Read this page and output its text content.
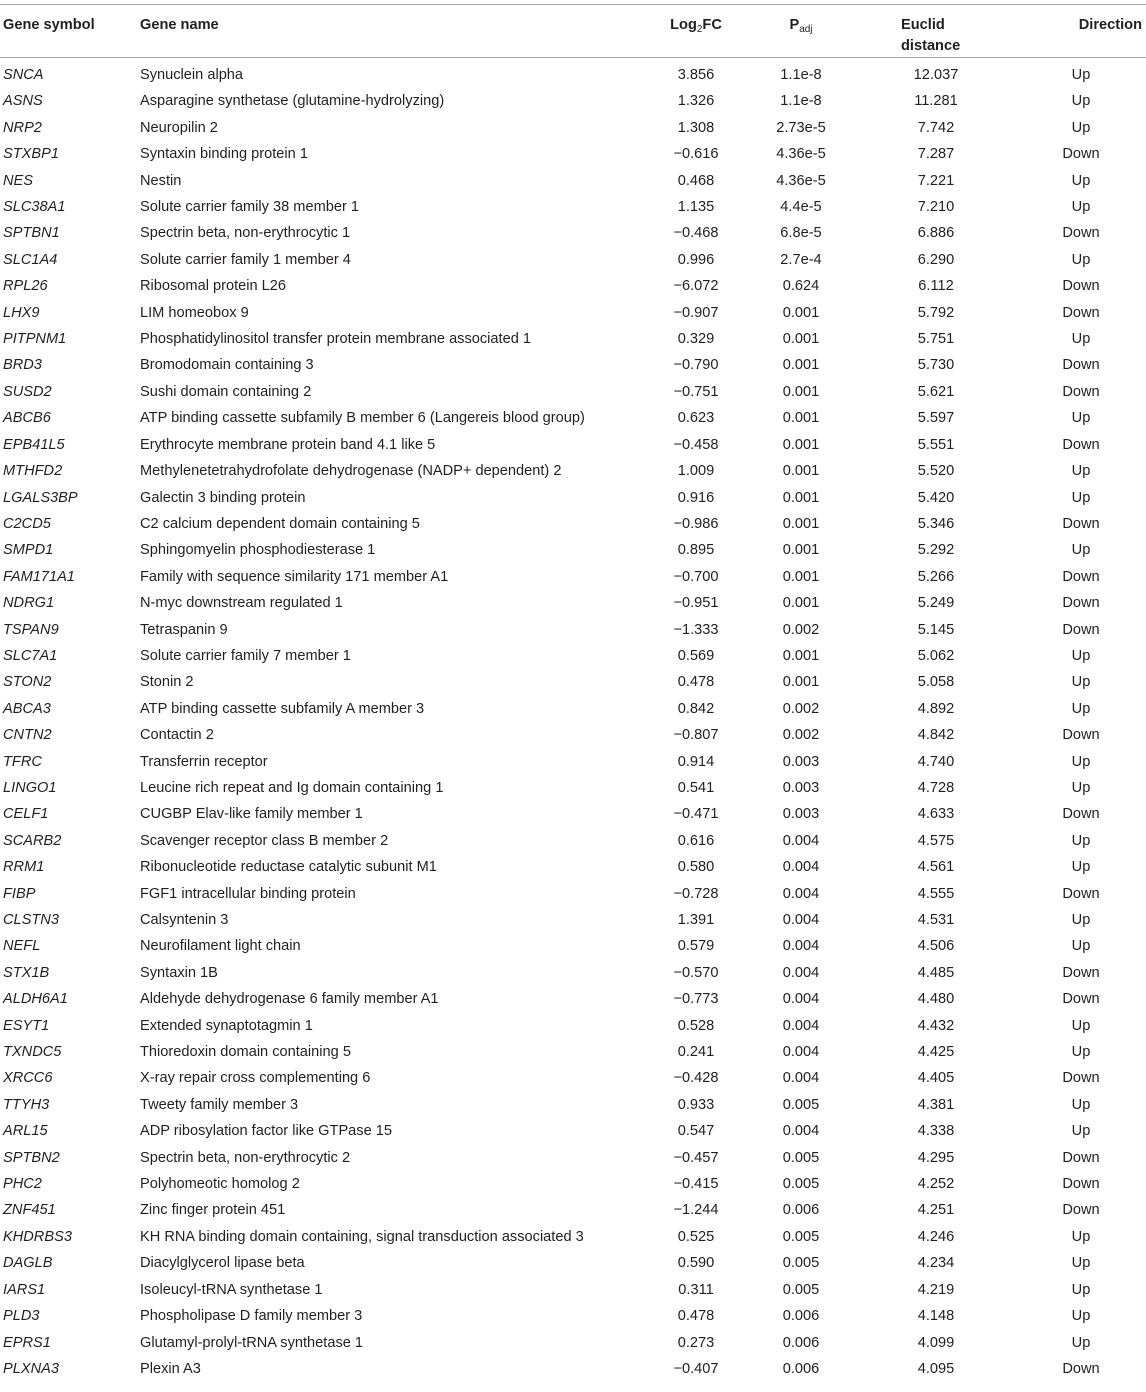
Gene symbol	Gene name	Log$_2$FC	$P_{adj}$	Euclid distance	Direction
SNCA	Synuclein alpha	3.856	1.1e-8	12.037	Up
ASNS	Asparagine synthetase (glutamine-hydrolyzing)	1.326	1.1e-8	11.281	Up
NRP2	Neuropilin 2	1.308	2.73e-5	7.742	Up
STXBP1	Syntaxin binding protein 1	−0.616	4.36e-5	7.287	Down
NES	Nestin	0.468	4.36e-5	7.221	Up
SLC38A1	Solute carrier family 38 member 1	1.135	4.4e-5	7.210	Up
SPTBN1	Spectrin beta, non-erythrocytic 1	−0.468	6.8e-5	6.886	Down
SLC1A4	Solute carrier family 1 member 4	0.996	2.7e-4	6.290	Up
RPL26	Ribosomal protein L26	−6.072	0.624	6.112	Down
LHX9	LIM homeobox 9	−0.907	0.001	5.792	Down
PITPNM1	Phosphatidylinositol transfer protein membrane associated 1	0.329	0.001	5.751	Up
BRD3	Bromodomain containing 3	−0.790	0.001	5.730	Down
SUSD2	Sushi domain containing 2	−0.751	0.001	5.621	Down
ABCB6	ATP binding cassette subfamily B member 6 (Langereis blood group)	0.623	0.001	5.597	Up
EPB41L5	Erythrocyte membrane protein band 4.1 like 5	−0.458	0.001	5.551	Down
MTHFD2	Methylenetetrahydrofolate dehydrogenase (NADP+ dependent) 2	1.009	0.001	5.520	Up
LGALS3BP	Galectin 3 binding protein	0.916	0.001	5.420	Up
C2CD5	C2 calcium dependent domain containing 5	−0.986	0.001	5.346	Down
SMPD1	Sphingomyelin phosphodiesterase 1	0.895	0.001	5.292	Up
FAM171A1	Family with sequence similarity 171 member A1	−0.700	0.001	5.266	Down
NDRG1	N-myc downstream regulated 1	−0.951	0.001	5.249	Down
TSPAN9	Tetraspanin 9	−1.333	0.002	5.145	Down
SLC7A1	Solute carrier family 7 member 1	0.569	0.001	5.062	Up
STON2	Stonin 2	0.478	0.001	5.058	Up
ABCA3	ATP binding cassette subfamily A member 3	0.842	0.002	4.892	Up
CNTN2	Contactin 2	−0.807	0.002	4.842	Down
TFRC	Transferrin receptor	0.914	0.003	4.740	Up
LINGO1	Leucine rich repeat and Ig domain containing 1	0.541	0.003	4.728	Up
CELF1	CUGBP Elav-like family member 1	−0.471	0.003	4.633	Down
SCARB2	Scavenger receptor class B member 2	0.616	0.004	4.575	Up
RRM1	Ribonucleotide reductase catalytic subunit M1	0.580	0.004	4.561	Up
FIBP	FGF1 intracellular binding protein	−0.728	0.004	4.555	Down
CLSTN3	Calsyntenin 3	1.391	0.004	4.531	Up
NEFL	Neurofilament light chain	0.579	0.004	4.506	Up
STX1B	Syntaxin 1B	−0.570	0.004	4.485	Down
ALDH6A1	Aldehyde dehydrogenase 6 family member A1	−0.773	0.004	4.480	Down
ESYT1	Extended synaptotagmin 1	0.528	0.004	4.432	Up
TXNDC5	Thioredoxin domain containing 5	0.241	0.004	4.425	Up
XRCC6	X-ray repair cross complementing 6	−0.428	0.004	4.405	Down
TTYH3	Tweety family member 3	0.933	0.005	4.381	Up
ARL15	ADP ribosylation factor like GTPase 15	0.547	0.004	4.338	Up
SPTBN2	Spectrin beta, non-erythrocytic 2	−0.457	0.005	4.295	Down
PHC2	Polyhomeotic homolog 2	−0.415	0.005	4.252	Down
ZNF451	Zinc finger protein 451	−1.244	0.006	4.251	Down
KHDRBS3	KH RNA binding domain containing, signal transduction associated 3	0.525	0.005	4.246	Up
DAGLB	Diacylglycerol lipase beta	0.590	0.005	4.234	Up
IARS1	Isoleucyl-tRNA synthetase 1	0.311	0.005	4.219	Up
PLD3	Phospholipase D family member 3	0.478	0.006	4.148	Up
EPRS1	Glutamyl-prolyl-tRNA synthetase 1	0.273	0.006	4.099	Up
PLXNA3	Plexin A3	−0.407	0.006	4.095	Down
